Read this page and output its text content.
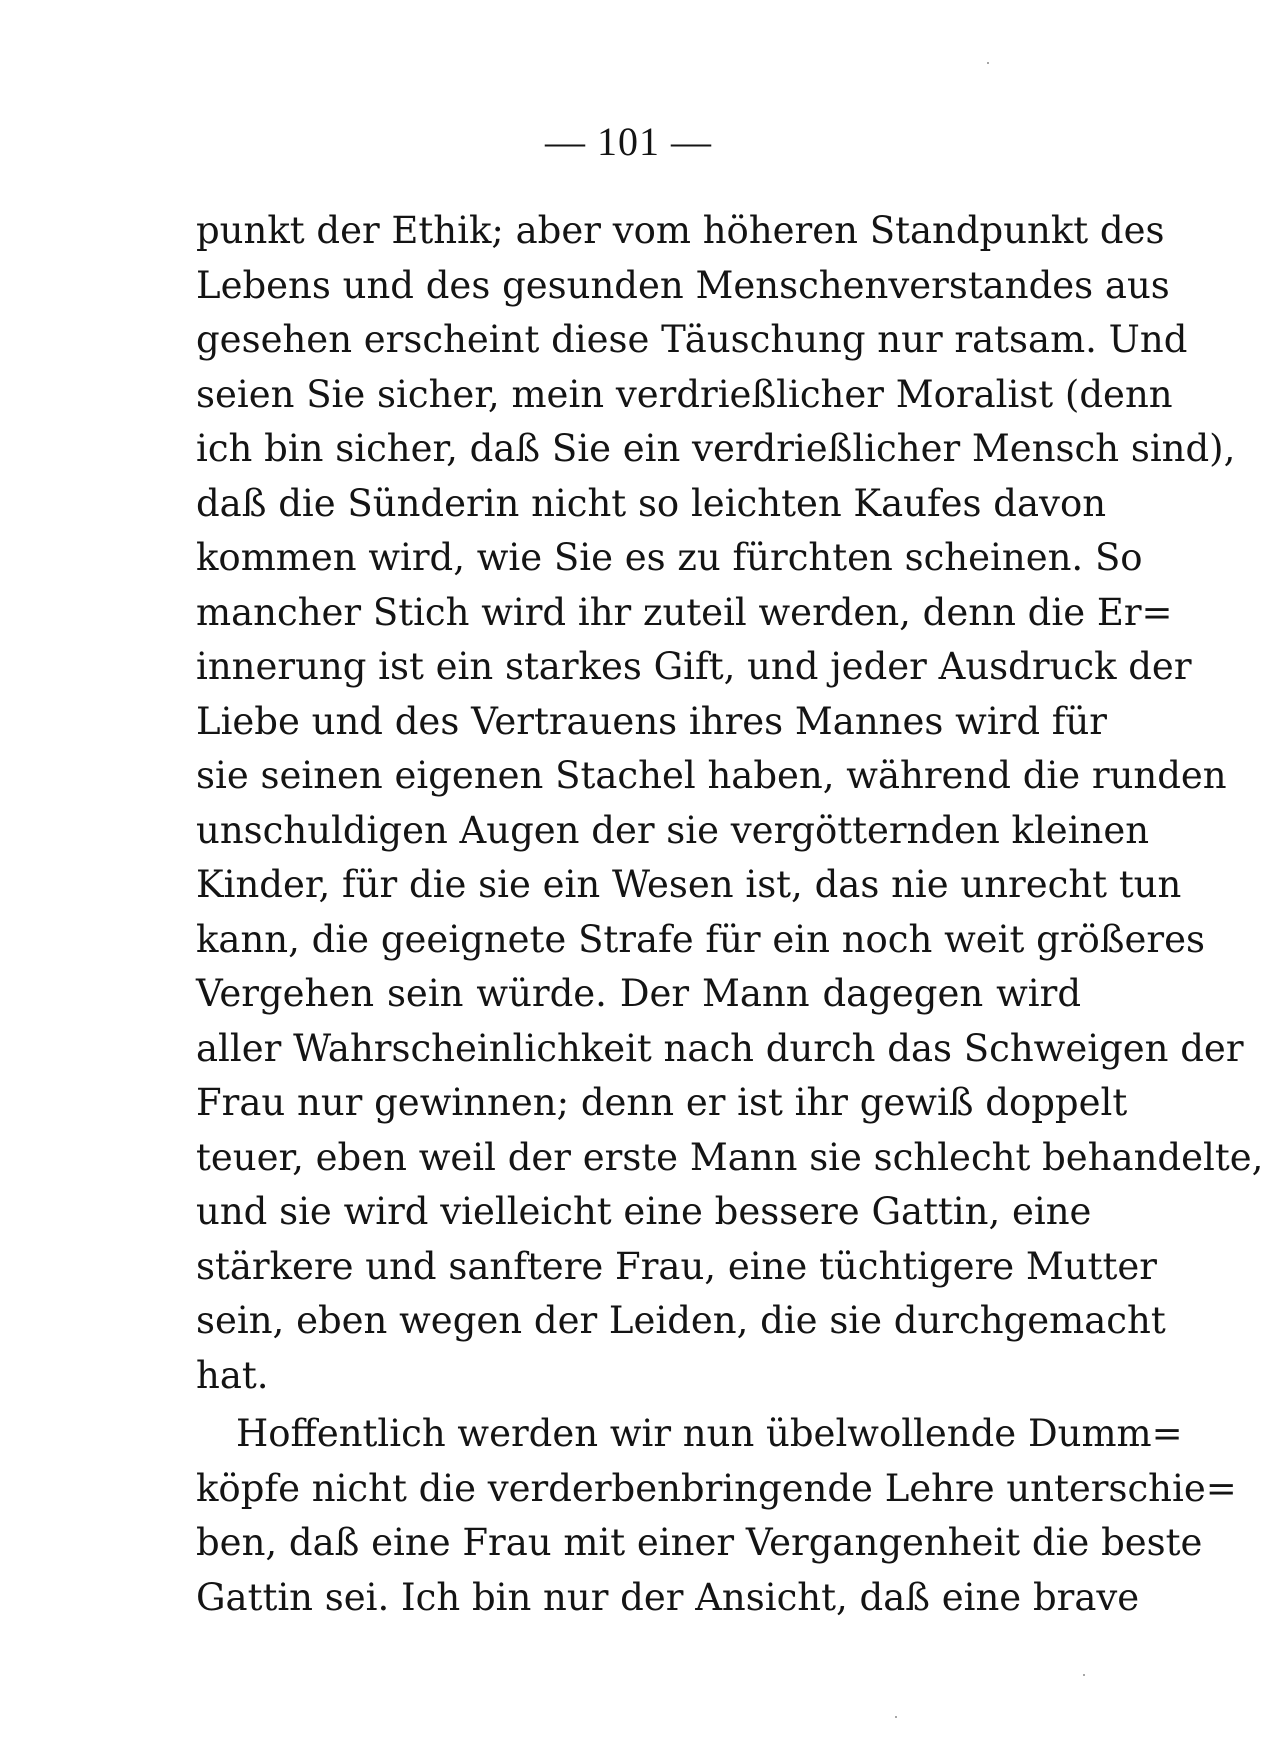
— 101 —
punkt der Ethik; aber vom höheren Standpunkt des
Lebens und des gesunden Menschenverstandes aus
gesehen erscheint diese Täuschung nur ratsam. Und
seien Sie sicher, mein verdrießlicher Moralist (denn
ich bin sicher, daß Sie ein verdrießlicher Mensch sind),
daß die Sünderin nicht so leichten Kaufes davon
kommen wird, wie Sie es zu fürchten scheinen. So
mancher Stich wird ihr zuteil werden, denn die Er=
innerung ist ein starkes Gift, und jeder Ausdruck der
Liebe und des Vertrauens ihres Mannes wird für
sie seinen eigenen Stachel haben, während die runden
unschuldigen Augen der sie vergötternden kleinen
Kinder, für die sie ein Wesen ist, das nie unrecht tun
kann, die geeignete Strafe für ein noch weit größeres
Vergehen sein würde. Der Mann dagegen wird
aller Wahrscheinlichkeit nach durch das Schweigen der
Frau nur gewinnen; denn er ist ihr gewiß doppelt
teuer, eben weil der erste Mann sie schlecht behandelte,
und sie wird vielleicht eine bessere Gattin, eine
stärkere und sanftere Frau, eine tüchtigere Mutter
sein, eben wegen der Leiden, die sie durchgemacht
hat.
Hoffentlich werden wir nun übelwollende Dumm=
köpfe nicht die verderbenbringende Lehre unterschie=
ben, daß eine Frau mit einer Vergangenheit die beste
Gattin sei. Ich bin nur der Ansicht, daß eine brave
